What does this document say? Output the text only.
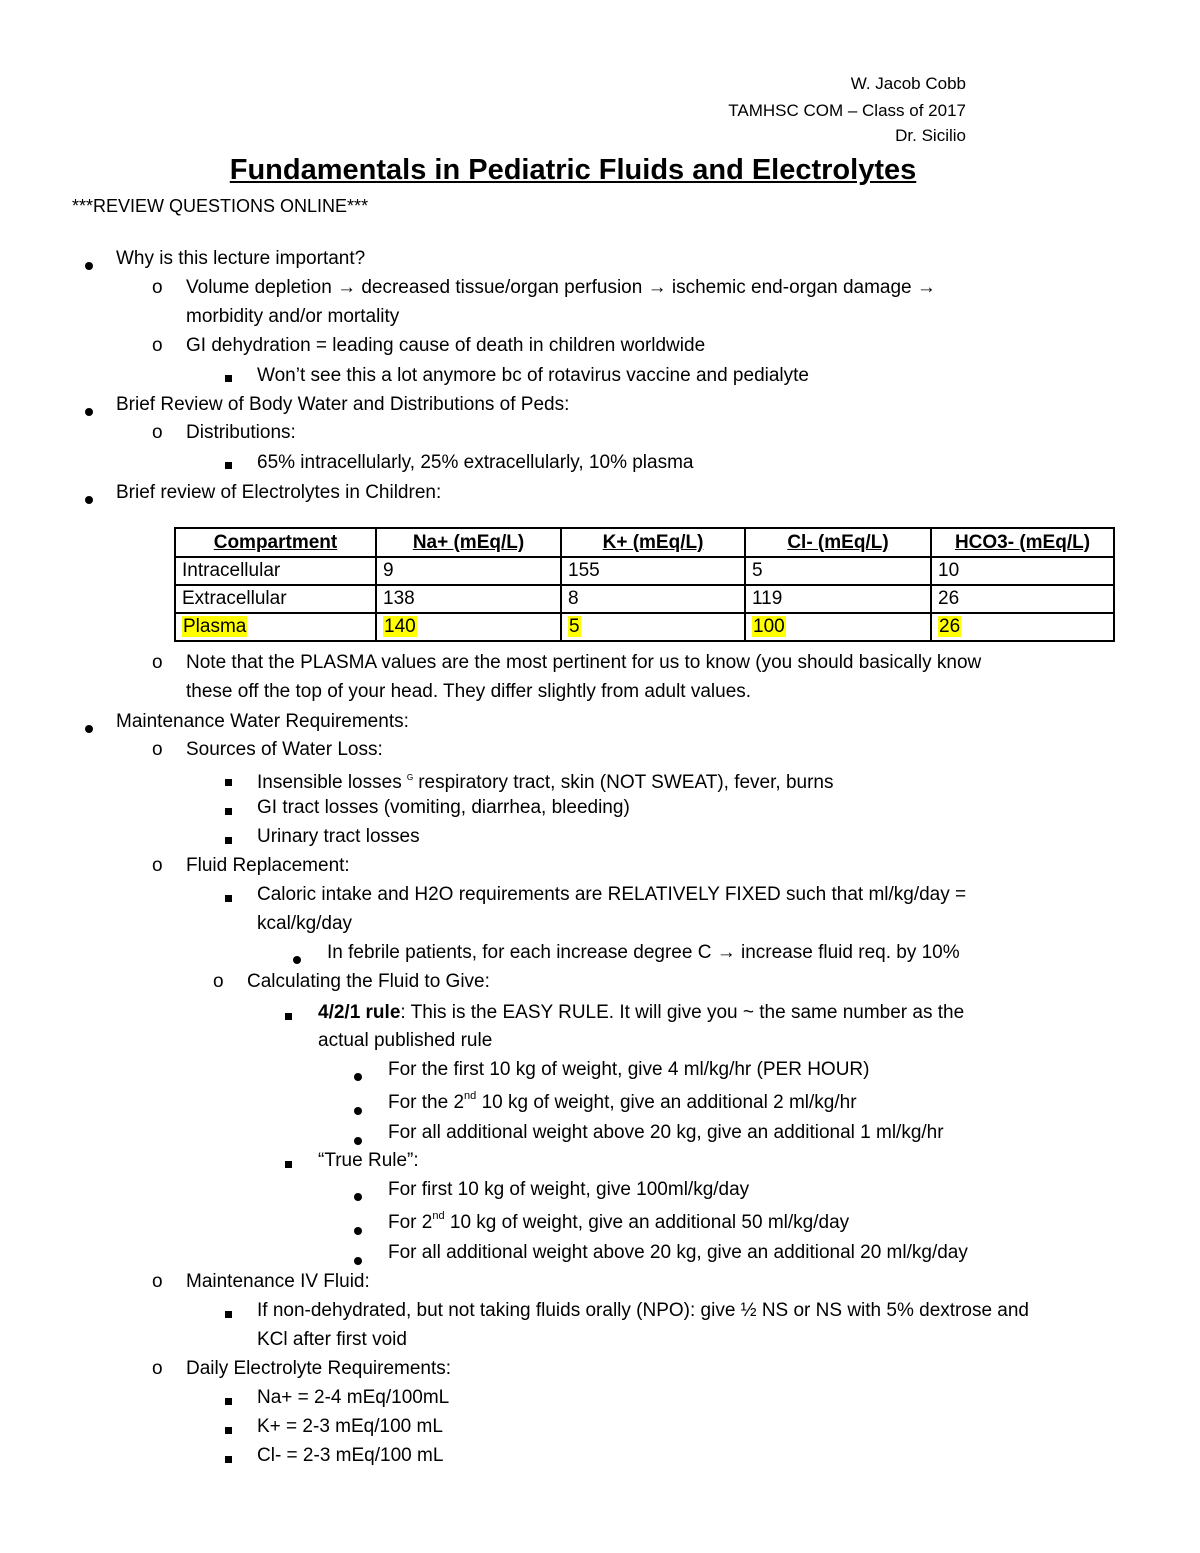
W. Jacob Cobb
TAMHSC COM – Class of 2017
Dr. Sicilio
Fundamentals in Pediatric Fluids and Electrolytes
***REVIEW QUESTIONS ONLINE***
Why is this lecture important?
o Volume depletion → decreased tissue/organ perfusion → ischemic end-organ damage →
morbidity and/or mortality
o GI dehydration = leading cause of death in children worldwide
Won’t see this a lot anymore bc of rotavirus vaccine and pedialyte
Brief Review of Body Water and Distributions of Peds:
o Distributions:
65% intracellularly, 25% extracellularly, 10% plasma
Brief review of Electrolytes in Children:
Compartment	Na+ (mEq/L)	K+ (mEq/L)	Cl- (mEq/L)	HCO3- (mEq/L)
Intracellular	9	155	5	10
Extracellular	138	8	119	26
Plasma	140	5	100	26
o Note that the PLASMA values are the most pertinent for us to know (you should basically know
these off the top of your head. They differ slightly from adult values.
Maintenance Water Requirements:
o Sources of Water Loss:
Insensible losses $^ᴳ$ respiratory tract, skin (NOT SWEAT), fever, burns
GI tract losses (vomiting, diarrhea, bleeding)
Urinary tract losses
o Fluid Replacement:
Caloric intake and H2O requirements are RELATIVELY FIXED such that ml/kg/day =
kcal/kg/day
In febrile patients, for each increase degree C → increase fluid req. by 10%
o Calculating the Fluid to Give:
4/2/1 rule: This is the EASY RULE. It will give you ~ the same number as the
actual published rule
For the first 10 kg of weight, give 4 ml/kg/hr (PER HOUR)
For the 2nd 10 kg of weight, give an additional 2 ml/kg/hr
For all additional weight above 20 kg, give an additional 1 ml/kg/hr
“True Rule”:
For first 10 kg of weight, give 100ml/kg/day
For 2nd 10 kg of weight, give an additional 50 ml/kg/day
For all additional weight above 20 kg, give an additional 20 ml/kg/day
o Maintenance IV Fluid:
If non-dehydrated, but not taking fluids orally (NPO): give ½ NS or NS with 5% dextrose and
KCl after first void
o Daily Electrolyte Requirements:
Na+ = 2-4 mEq/100mL
K+ = 2-3 mEq/100 mL
Cl- = 2-3 mEq/100 mL
